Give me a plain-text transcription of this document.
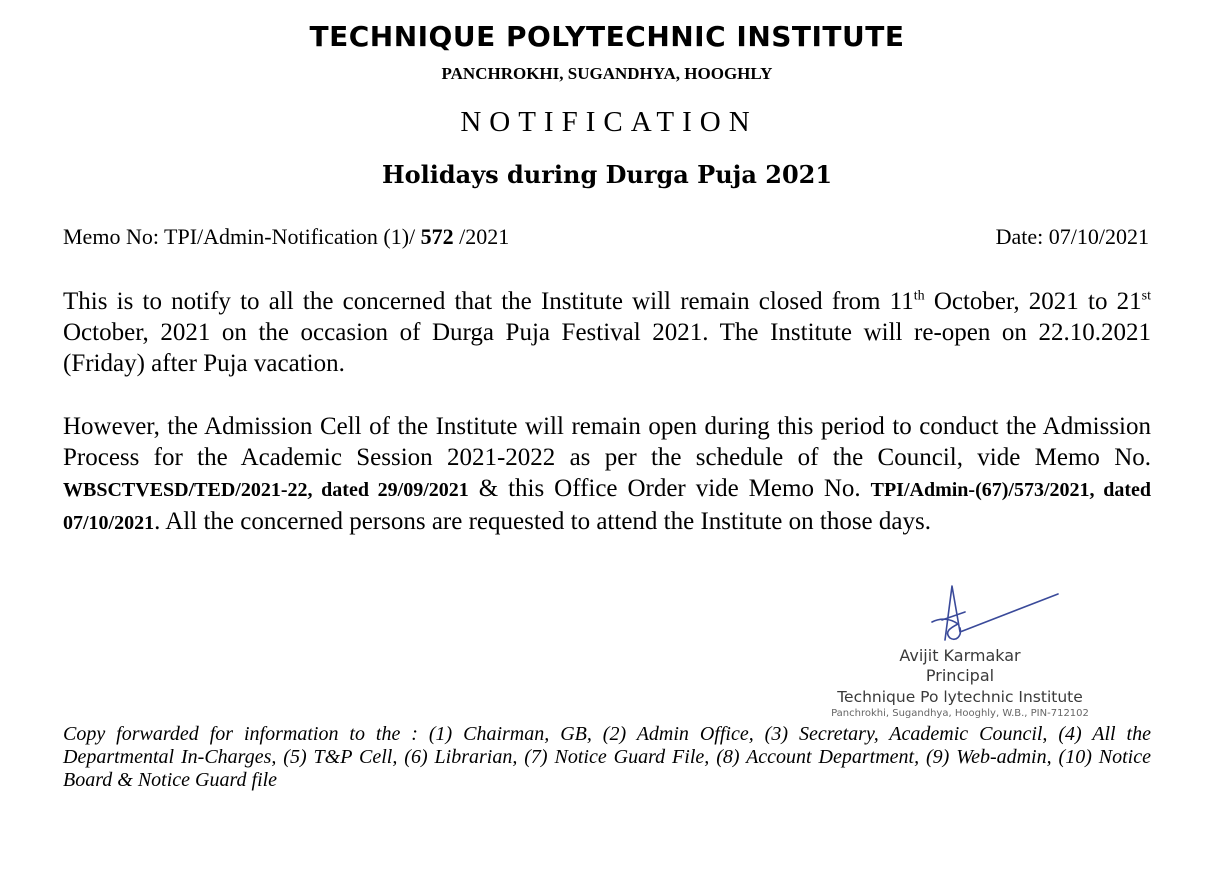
TECHNIQUE POLYTECHNIC INSTITUTE
PANCHROKHI, SUGANDHYA, HOOGHLY
NOTIFICATION
Holidays during Durga Puja 2021
Memo No: TPI/Admin-Notification (1)/ 572 /2021	Date: 07/10/2021
This is to notify to all the concerned that the Institute will remain closed from 11th October, 2021 to 21st October, 2021 on the occasion of Durga Puja Festival 2021. The Institute will re-open on 22.10.2021 (Friday) after Puja vacation.
However, the Admission Cell of the Institute will remain open during this period to conduct the Admission Process for the Academic Session 2021-2022 as per the schedule of the Council, vide Memo No. WBSCTVESD/TED/2021-22, dated 29/09/2021 & this Office Order vide Memo No. TPI/Admin-(67)/573/2021, dated 07/10/2021. All the concerned persons are requested to attend the Institute on those days.
Avijit Karmakar
Principal
Technique Po lytechnic Institute
Panchrokhi, Sugandhya, Hooghly, W.B., PIN-712102
Copy forwarded for information to the : (1) Chairman, GB, (2) Admin Office, (3) Secretary, Academic Council, (4) All the Departmental In-Charges, (5) T&P Cell, (6) Librarian, (7) Notice Guard File, (8) Account Department, (9) Web-admin, (10) Notice Board & Notice Guard file
